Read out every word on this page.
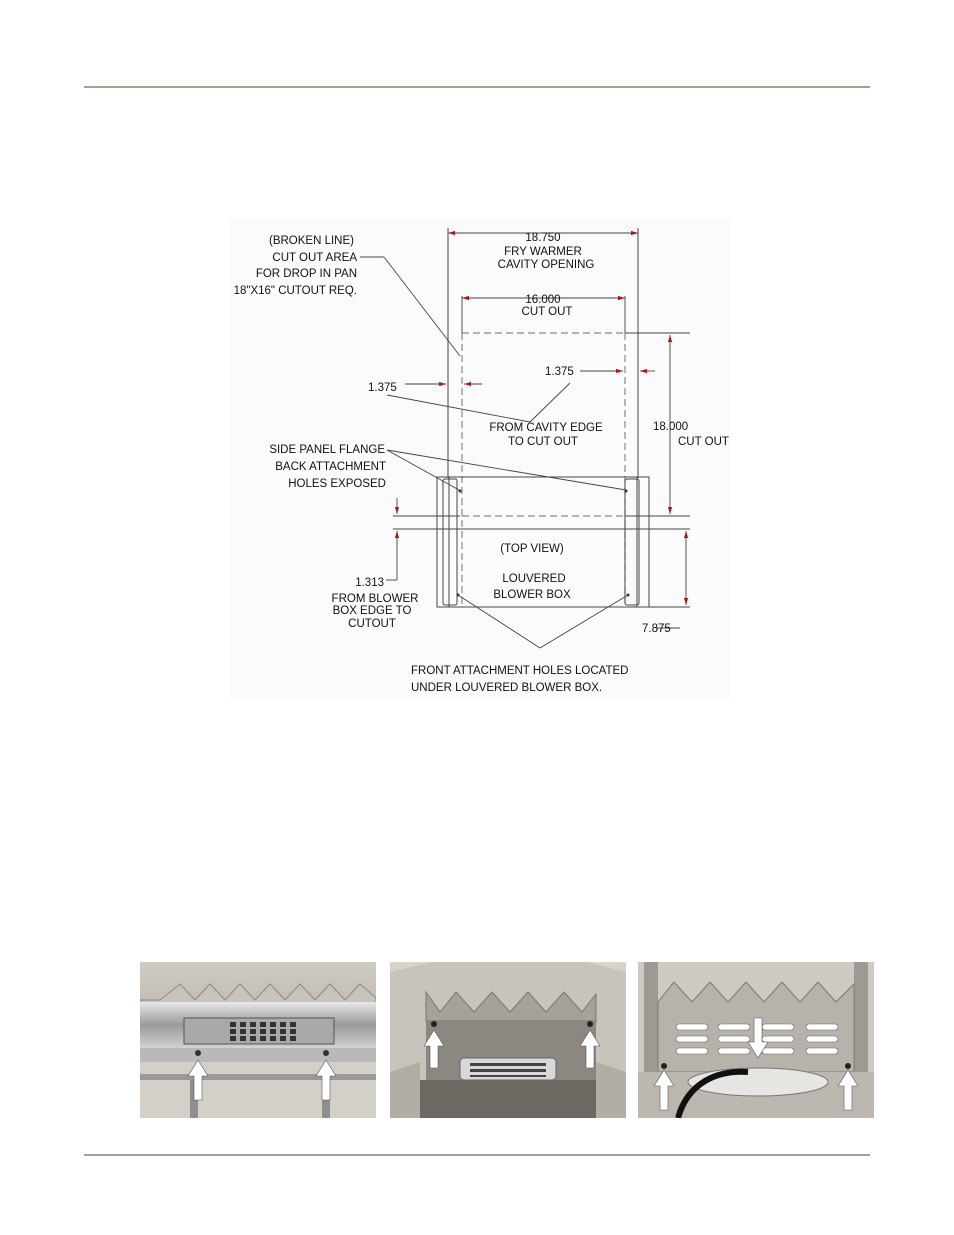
(BROKEN LINE)
CUT OUT AREA
FOR DROP IN PAN
18"X16" CUTOUT REQ.
18.750
FRY WARMER
CAVITY OPENING
16.000
CUT OUT
1.375
1.375
FROM CAVITY EDGE
TO CUT OUT
18.000
CUT OUT
SIDE PANEL FLANGE
BACK ATTACHMENT
HOLES EXPOSED
(TOP VIEW)
LOUVERED
BLOWER BOX
1.313
FROM BLOWER
BOX EDGE TO
CUTOUT	7.875
FRONT ATTACHMENT HOLES LOCATED
UNDER LOUVERED BLOWER BOX.
